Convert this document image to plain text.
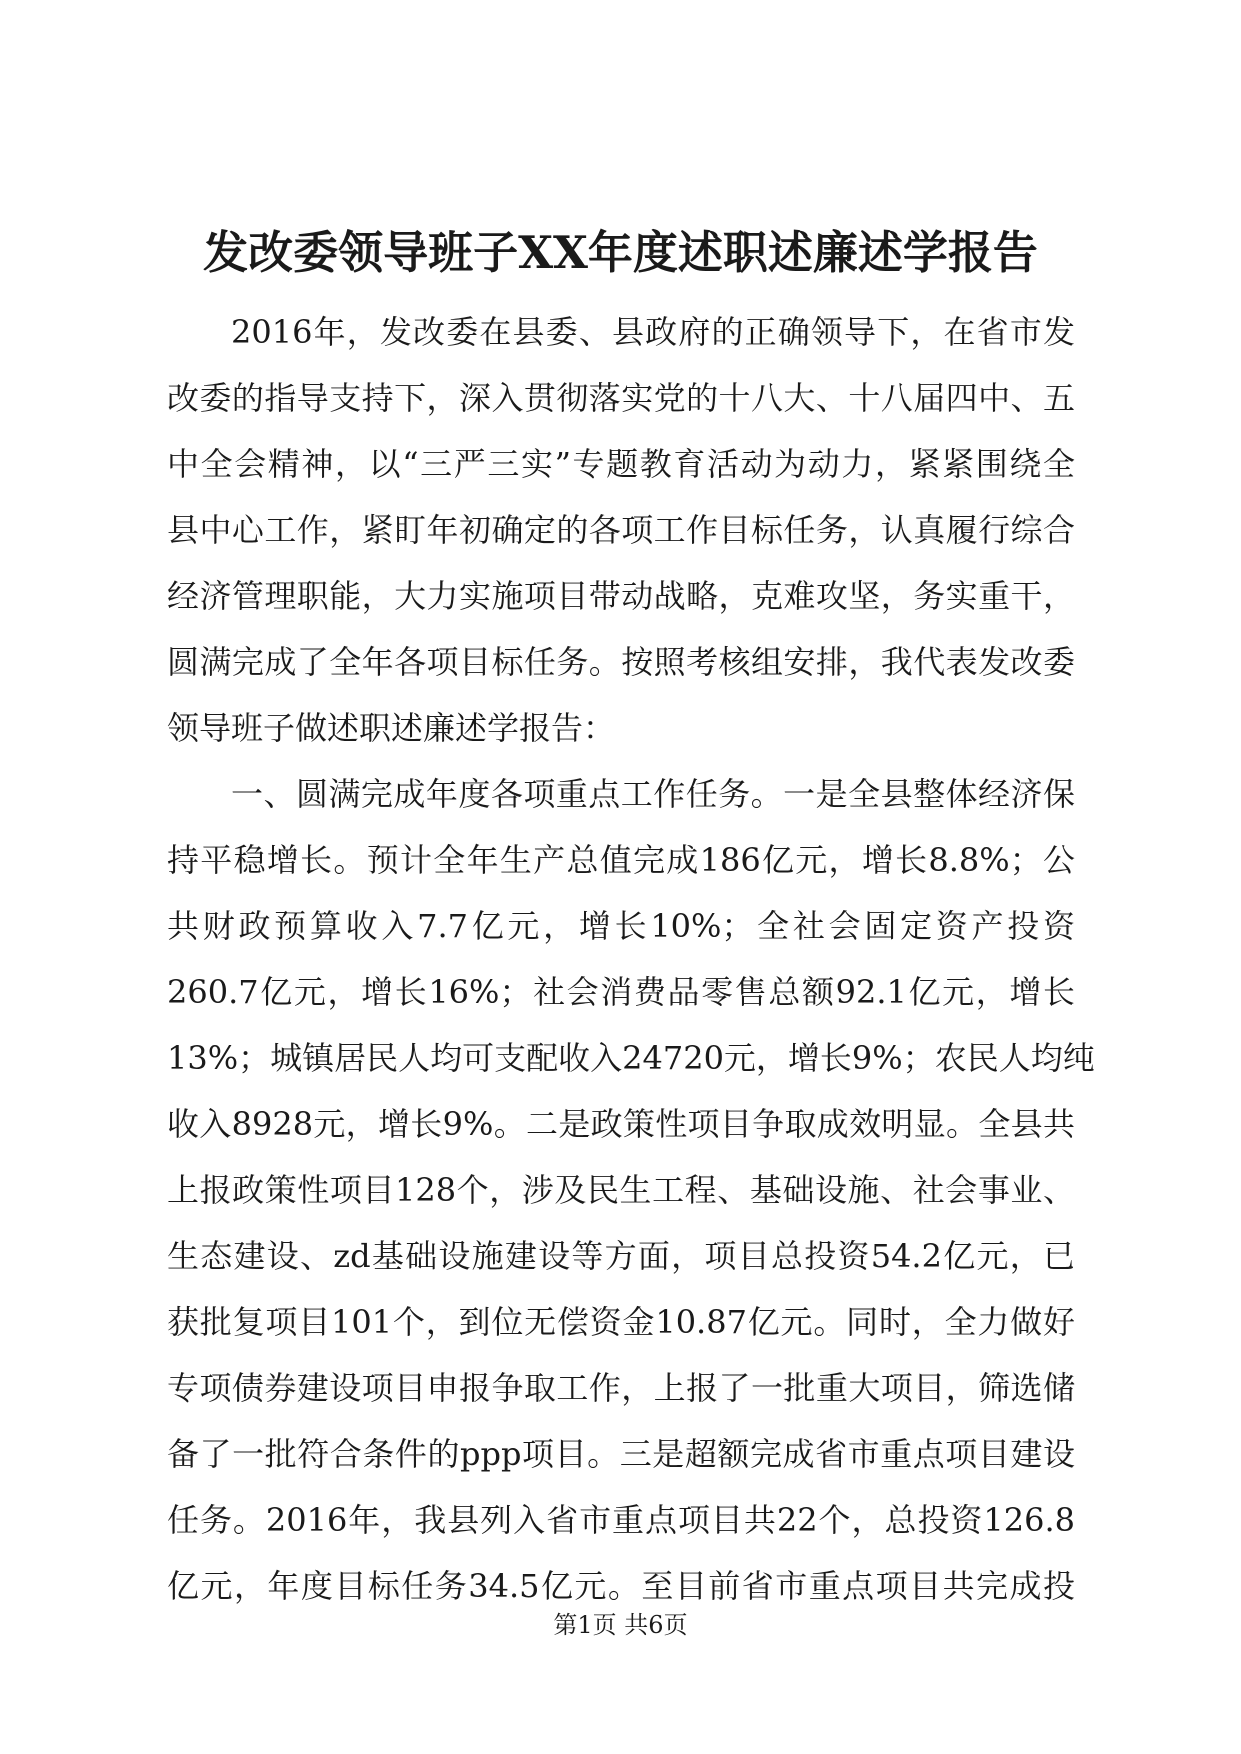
发改委领导班子XX年度述职述廉述学报告

2016年，发改委在县委、县政府的正确领导下，在省市发

改委的指导支持下，深入贯彻落实党的十八大、十八届四中、五

中全会精神，以“三严三实”专题教育活动为动力，紧紧围绕全

县中心工作，紧盯年初确定的各项工作目标任务，认真履行综合

经济管理职能，大力实施项目带动战略，克难攻坚，务实重干，

圆满完成了全年各项目标任务。按照考核组安排，我代表发改委

领导班子做述职述廉述学报告：

一、圆满完成年度各项重点工作任务。一是全县整体经济保

持平稳增长。预计全年生产总值完成186亿元，增长8.8%；公

共财政预算收入7.7亿元，增长10%；全社会固定资产投资

260.7亿元，增长16%；社会消费品零售总额92.1亿元，增长

13%；城镇居民人均可支配收入24720元，增长9%；农民人均纯

收入8928元，增长9%。二是政策性项目争取成效明显。全县共

上报政策性项目128个，涉及民生工程、基础设施、社会事业、

生态建设、zd基础设施建设等方面，项目总投资54.2亿元，已

获批复项目101个，到位无偿资金10.87亿元。同时，全力做好

专项债券建设项目申报争取工作，上报了一批重大项目，筛选储

备了一批符合条件的ppp项目。三是超额完成省市重点项目建设

任务。2016年，我县列入省市重点项目共22个，总投资126.8

亿元，年度目标任务34.5亿元。至目前省市重点项目共完成投

第1页 共6页
